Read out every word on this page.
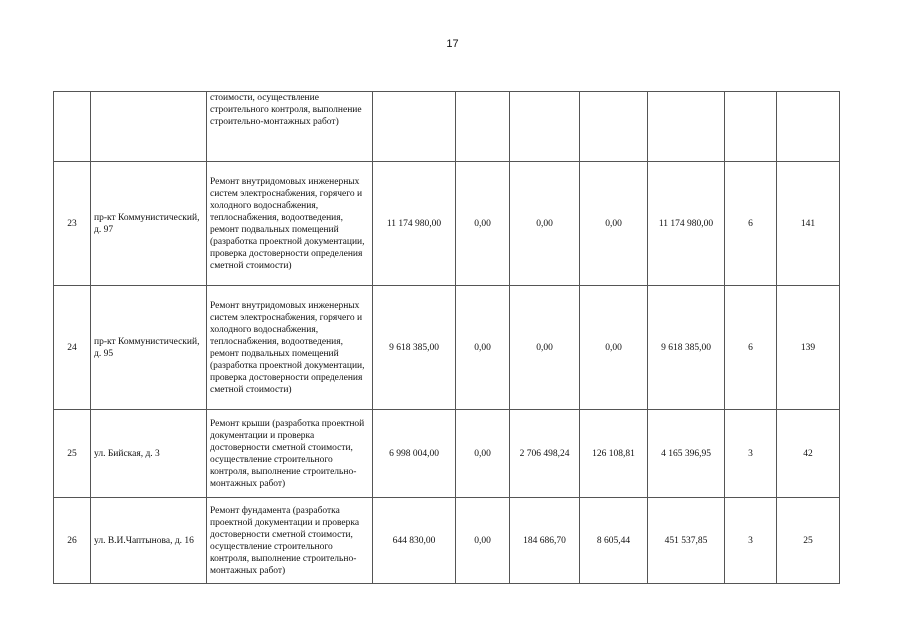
17
		стоимости, осуществление строительного контроля, выполнение строительно-монтажных работ)							
23	пр-кт Коммунистический, д. 97	Ремонт внутридомовых инженерных систем электроснабжения, горячего и холодного водоснабжения, теплоснабжения, водоотведения, ремонт подвальных помещений (разработка проектной документации, проверка достоверности определения сметной стоимости)	11 174 980,00	0,00	0,00	0,00	11 174 980,00	6	141
24	пр-кт Коммунистический, д. 95	Ремонт внутридомовых инженерных систем электроснабжения, горячего и холодного водоснабжения, теплоснабжения, водоотведения, ремонт подвальных помещений (разработка проектной документации, проверка достоверности определения сметной стоимости)	9 618 385,00	0,00	0,00	0,00	9 618 385,00	6	139
25	ул. Бийская, д. 3	Ремонт крыши (разработка проектной документации и проверка достоверности сметной стоимости, осуществление строительного контроля, выполнение строительно-монтажных работ)	6 998 004,00	0,00	2 706 498,24	126 108,81	4 165 396,95	3	42
26	ул. В.И.Чаптынова, д. 16	Ремонт фундамента (разработка проектной документации и проверка достоверности сметной стоимости, осуществление строительного контроля, выполнение строительно-монтажных работ)	644 830,00	0,00	184 686,70	8 605,44	451 537,85	3	25
